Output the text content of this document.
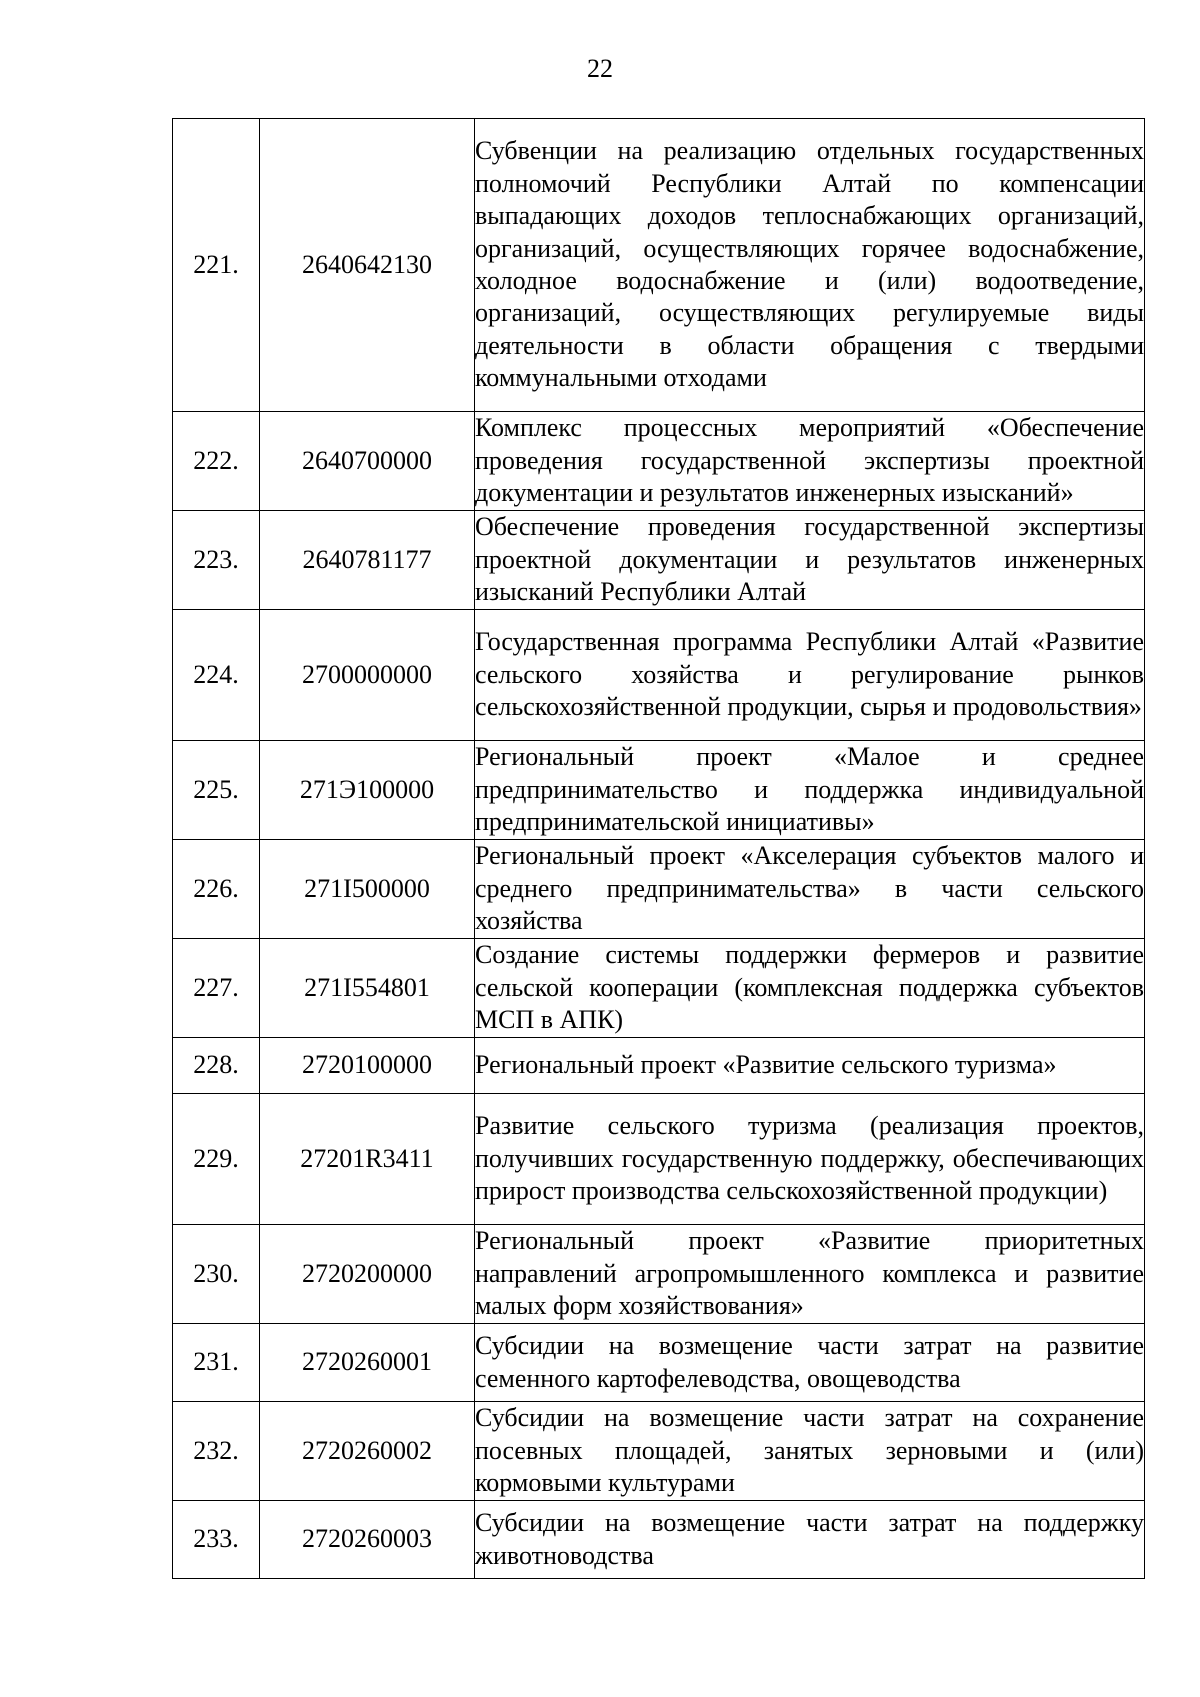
22
221.	2640642130	Субвенции на реализацию отдельных государственных полномочий Республики Алтай по компенсации выпадающих доходов теплоснабжающих организаций, организаций, осуществляющих горячее водоснабжение, холодное водоснабжение и (или) водоотведение, организаций, осуществляющих регулируемые виды деятельности в области обращения с твердыми коммунальными отходами
222.	2640700000	Комплекс процессных мероприятий «Обеспечение проведения государственной экспертизы проектной документации и результатов инженерных изысканий»
223.	2640781177	Обеспечение проведения государственной экспертизы проектной документации и результатов инженерных изысканий Республики Алтай
224.	2700000000	Государственная программа Республики Алтай «Развитие сельского хозяйства и регулирование рынков сельскохозяйственной продукции, сырья и продовольствия»
225.	271Э100000	Региональный проект «Малое и среднее предпринимательство и поддержка индивидуальной предпринимательской инициативы»
226.	271I500000	Региональный проект «Акселерация субъектов малого и среднего предпринимательства» в части сельского хозяйства
227.	271I554801	Создание системы поддержки фермеров и развитие сельской кооперации (комплексная поддержка субъектов МСП в АПК)
228.	2720100000	Региональный проект «Развитие сельского туризма»
229.	27201R3411	Развитие сельского туризма (реализация проектов, получивших государственную поддержку, обеспечивающих прирост производства сельскохозяйственной продукции)
230.	2720200000	Региональный проект «Развитие приоритетных направлений агропромышленного комплекса и развитие малых форм хозяйствования»
231.	2720260001	Субсидии на возмещение части затрат на развитие семенного картофелеводства, овощеводства
232.	2720260002	Субсидии на возмещение части затрат на сохранение посевных площадей, занятых зерновыми и (или) кормовыми культурами
233.	2720260003	Субсидии на возмещение части затрат на поддержку животноводства
